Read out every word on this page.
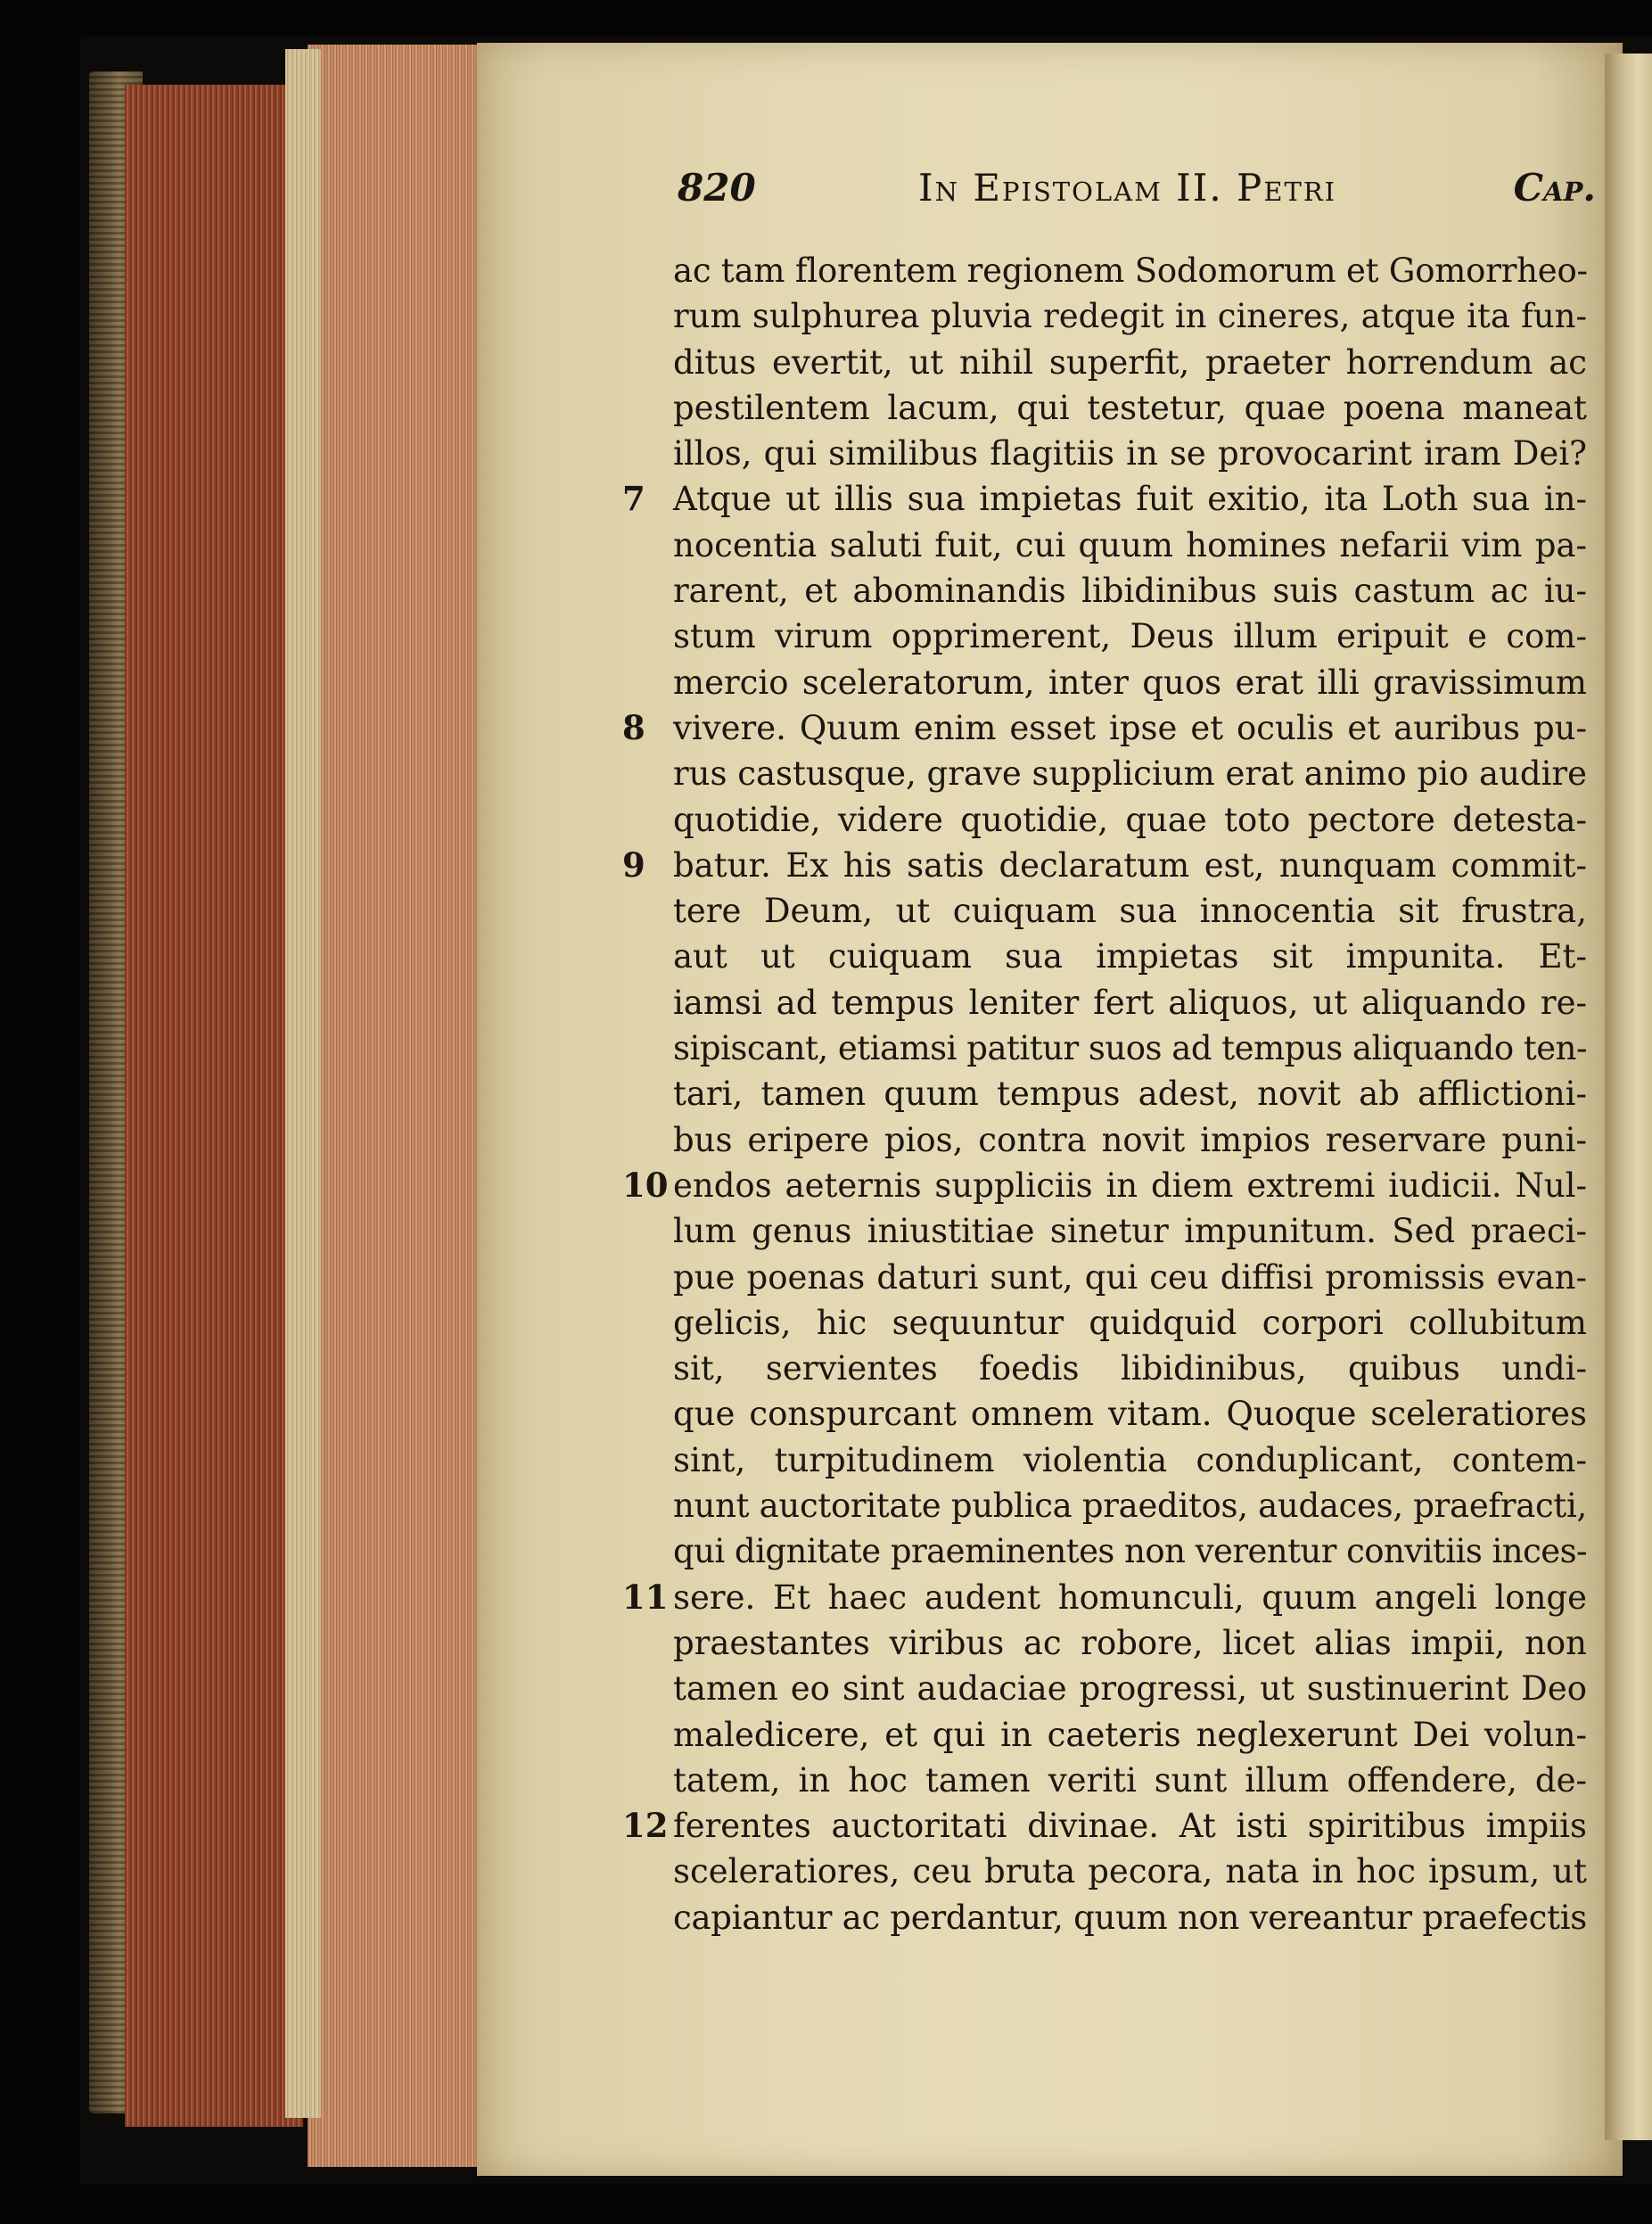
820	In Epistolam II. Petri	Cap.
ac tam florentem regionem Sodomorum et Gomorrheo-
rum sulphurea pluvia redegit in cineres, atque ita fun-
ditus evertit, ut nihil superfit, praeter horrendum ac
pestilentem lacum, qui testetur, quae poena maneat
illos, qui similibus flagitiis in se provocarint iram Dei?
7 Atque ut illis sua impietas fuit exitio, ita Loth sua in-
nocentia saluti fuit, cui quum homines nefarii vim pa-
rarent, et abominandis libidinibus suis castum ac iu-
stum virum opprimerent, Deus illum eripuit e com-
mercio sceleratorum, inter quos erat illi gravissimum
8 vivere. Quum enim esset ipse et oculis et auribus pu-
rus castusque, grave supplicium erat animo pio audire
quotidie, videre quotidie, quae toto pectore detesta-
9 batur. Ex his satis declaratum est, nunquam commit-
tere Deum, ut cuiquam sua innocentia sit frustra,
aut ut cuiquam sua impietas sit impunita. Et-
iamsi ad tempus leniter fert aliquos, ut aliquando re-
sipiscant, etiamsi patitur suos ad tempus aliquando ten-
tari, tamen quum tempus adest, novit ab afflictioni-
bus eripere pios, contra novit impios reservare puni-
10 endos aeternis suppliciis in diem extremi iudicii. Nul-
lum genus iniustitiae sinetur impunitum. Sed praeci-
pue poenas daturi sunt, qui ceu diffisi promissis evan-
gelicis, hic sequuntur quidquid corpori collubitum
sit, servientes foedis libidinibus, quibus undi-
que conspurcant omnem vitam. Quoque sceleratiores
sint, turpitudinem violentia conduplicant, contem-
nunt auctoritate publica praeditos, audaces, praefracti,
qui dignitate praeminentes non verentur convitiis inces-
11 sere. Et haec audent homunculi, quum angeli longe
praestantes viribus ac robore, licet alias impii, non
tamen eo sint audaciae progressi, ut sustinuerint Deo
maledicere, et qui in caeteris neglexerunt Dei volun-
tatem, in hoc tamen veriti sunt illum offendere, de-
12 ferentes auctoritati divinae. At isti spiritibus impiis
sceleratiores, ceu bruta pecora, nata in hoc ipsum, ut
capiantur ac perdantur, quum non vereantur praefectis
